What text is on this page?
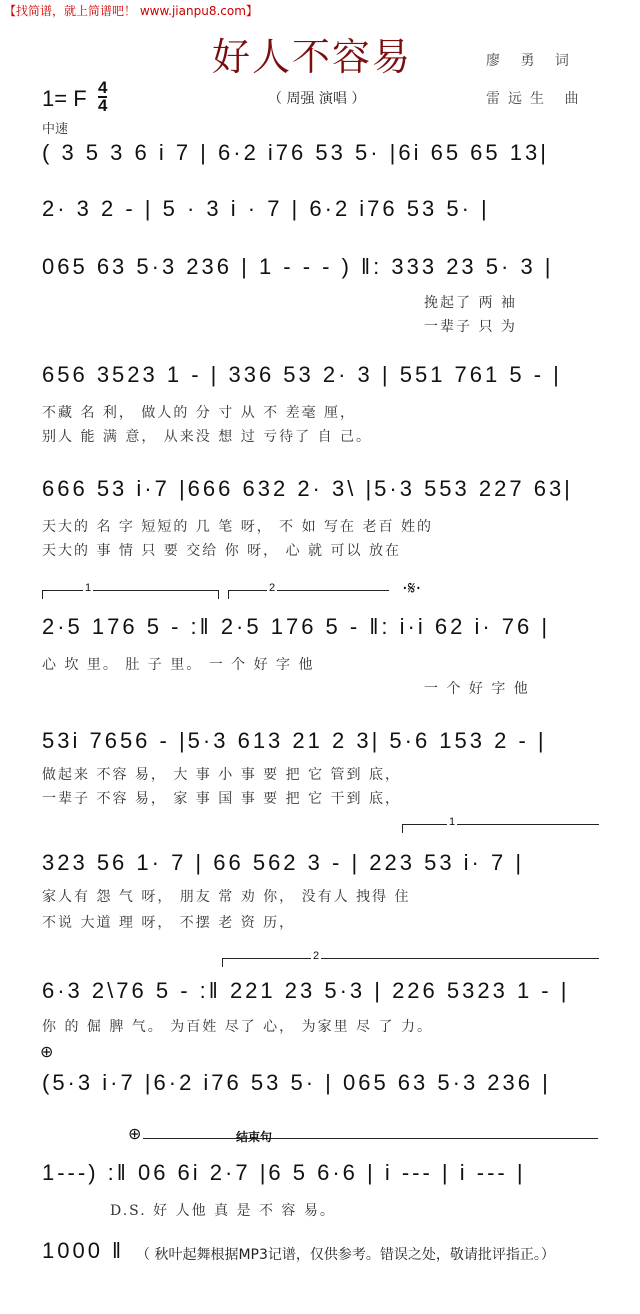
【找简谱，就上简谱吧！ www.jianpu8.com】
好人不容易	廖 勇 词
雷远生 曲
1= F 4
4	（ 周强 演唱 ）
中速
( 3 5 3 6 i 7 | 6·2 i76 53 5· |6i 65 65 13|
2· 3 2 - | 5 · 3 i · 7 | 6·2 i76 53 5· |
065 63 5·3 236 | 1 - - - ) ‖: 333 23 5· 3 |
挽起了 两 袖
一辈子 只 为
656 3523 1 - | 336 53 2· 3 | 551 761 5 - |
不藏 名 利， 做人的 分 寸 从 不 差毫 厘，
别人 能 满 意， 从来没 想 过 亏待了 自 己。
666 53 i·7 |666 632 2· 3\ |5·3 553 227 63|
天大的 名 字 短短的 几 笔 呀， 不 如 写在 老百 姓的
天大的 事 情 只 要 交给 你 呀， 心 就 可以 放在
1	2	·𝄋·
2·5 176 5 - :‖ 2·5 176 5 - ‖: i·i 62 i· 76 |
心 坎 里。 肚 子 里。 一 个 好 字 他
一 个 好 字 他
53i 7656 - |5·3 613 21 2 3| 5·6 153 2 - |
做起来 不容 易， 大 事 小 事 要 把 它 管到 底，
一辈子 不容 易， 家 事 国 事 要 把 它 干到 底，
1
323 56 1· 7 | 66 562 3 - | 223 53 i· 7 |
家人有 怨 气 呀， 朋友 常 劝 你， 没有人 拽得 住
不说 大道 理 呀， 不摆 老 资 历，
2
6·3 2\76 5 - :‖ 221 23 5·3 | 226 5323 1 - |
你 的 倔 脾 气。 为百姓 尽了 心， 为家里 尽 了 力。
⊕
(5·3 i·7 |6·2 i76 53 5· | 065 63 5·3 236 |
⊕	结束句
1---) :‖ 06 6i 2·7 |6 5 6·6 | i --- | i --- |
D.S. 好 人他 真 是 不 容 易。
1000 ‖ （ 秋叶起舞根据MP3记谱，仅供参考。错误之处，敬请批评指正。）
